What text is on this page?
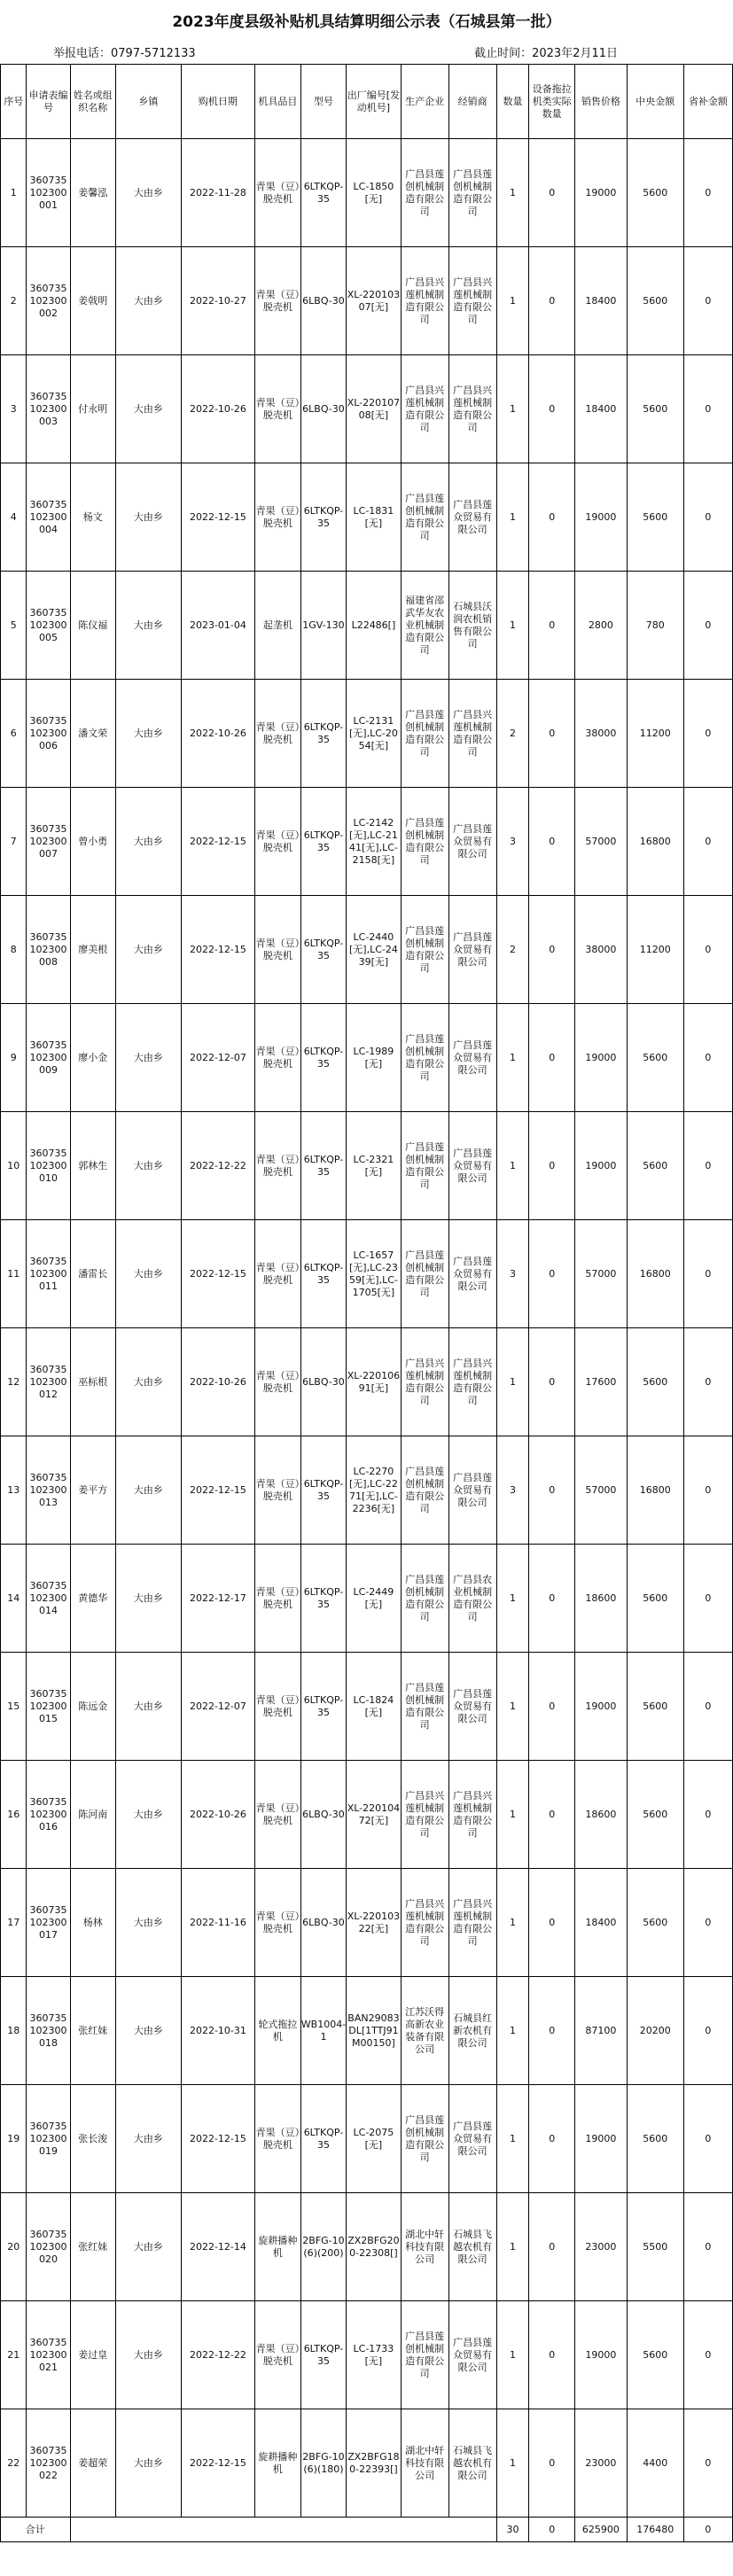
2023年度县级补贴机具结算明细公示表（石城县第一批）
举报电话：0797-5712133	截止时间：2023年2月11日
序号	申请表编号	姓名或组织名称	乡镇	购机日期	机具品目	型号	出厂编号[发动机号]	生产企业	经销商	数量	设备拖拉机类实际数量	销售价格	中央金额	省补金额
1	360735102300001	姜馨泓	大由乡	2022-11-28	青果（豆）脱壳机	6LTKQP-35	LC-1850[无]	广昌县莲创机械制造有限公司	广昌县莲创机械制造有限公司	1	0	19000	5600	0
2	360735102300002	姜戟明	大由乡	2022-10-27	青果（豆）脱壳机	6LBQ-30	XL-22010307[无]	广昌县兴莲机械制造有限公司	广昌县兴莲机械制造有限公司	1	0	18400	5600	0
3	360735102300003	付永明	大由乡	2022-10-26	青果（豆）脱壳机	6LBQ-30	XL-22010708[无]	广昌县兴莲机械制造有限公司	广昌县兴莲机械制造有限公司	1	0	18400	5600	0
4	360735102300004	杨文	大由乡	2022-12-15	青果（豆）脱壳机	6LTKQP-35	LC-1831[无]	广昌县莲创机械制造有限公司	广昌县莲众贸易有限公司	1	0	19000	5600	0
5	360735102300005	陈仪福	大由乡	2023-01-04	起垄机	1GV-130	L22486[]	福建省邵武华友农业机械制造有限公司	石城县沃润农机销售有限公司	1	0	2800	780	0
6	360735102300006	潘文荣	大由乡	2022-10-26	青果（豆）脱壳机	6LTKQP-35	LC-2131[无],LC-2054[无]	广昌县莲创机械制造有限公司	广昌县兴莲机械制造有限公司	2	0	38000	11200	0
7	360735102300007	曾小勇	大由乡	2022-12-15	青果（豆）脱壳机	6LTKQP-35	LC-2142[无],LC-2141[无],LC-2158[无]	广昌县莲创机械制造有限公司	广昌县莲众贸易有限公司	3	0	57000	16800	0
8	360735102300008	廖美根	大由乡	2022-12-15	青果（豆）脱壳机	6LTKQP-35	LC-2440[无],LC-2439[无]	广昌县莲创机械制造有限公司	广昌县莲众贸易有限公司	2	0	38000	11200	0
9	360735102300009	廖小金	大由乡	2022-12-07	青果（豆）脱壳机	6LTKQP-35	LC-1989[无]	广昌县莲创机械制造有限公司	广昌县莲众贸易有限公司	1	0	19000	5600	0
10	360735102300010	郭林生	大由乡	2022-12-22	青果（豆）脱壳机	6LTKQP-35	LC-2321[无]	广昌县莲创机械制造有限公司	广昌县莲众贸易有限公司	1	0	19000	5600	0
11	360735102300011	潘雷长	大由乡	2022-12-15	青果（豆）脱壳机	6LTKQP-35	LC-1657[无],LC-2359[无],LC-1705[无]	广昌县莲创机械制造有限公司	广昌县莲众贸易有限公司	3	0	57000	16800	0
12	360735102300012	巫标根	大由乡	2022-10-26	青果（豆）脱壳机	6LBQ-30	XL-22010691[无]	广昌县兴莲机械制造有限公司	广昌县兴莲机械制造有限公司	1	0	17600	5600	0
13	360735102300013	姜平方	大由乡	2022-12-15	青果（豆）脱壳机	6LTKQP-35	LC-2270[无],LC-2271[无],LC-2236[无]	广昌县莲创机械制造有限公司	广昌县莲众贸易有限公司	3	0	57000	16800	0
14	360735102300014	黄德华	大由乡	2022-12-17	青果（豆）脱壳机	6LTKQP-35	LC-2449[无]	广昌县莲创机械制造有限公司	广昌县农业机械制造有限公司	1	0	18600	5600	0
15	360735102300015	陈远金	大由乡	2022-12-07	青果（豆）脱壳机	6LTKQP-35	LC-1824[无]	广昌县莲创机械制造有限公司	广昌县莲众贸易有限公司	1	0	19000	5600	0
16	360735102300016	陈河南	大由乡	2022-10-26	青果（豆）脱壳机	6LBQ-30	XL-22010472[无]	广昌县兴莲机械制造有限公司	广昌县兴莲机械制造有限公司	1	0	18600	5600	0
17	360735102300017	杨林	大由乡	2022-11-16	青果（豆）脱壳机	6LBQ-30	XL-22010322[无]	广昌县兴莲机械制造有限公司	广昌县兴莲机械制造有限公司	1	0	18400	5600	0
18	360735102300018	张红妹	大由乡	2022-10-31	轮式拖拉机	WB1004-1	BAN29083DL[1TTJ91M00150]	江苏沃得高新农业装备有限公司	石城县红新农机有限公司	1	0	87100	20200	0
19	360735102300019	张长浚	大由乡	2022-12-15	青果（豆）脱壳机	6LTKQP-35	LC-2075[无]	广昌县莲创机械制造有限公司	广昌县莲众贸易有限公司	1	0	19000	5600	0
20	360735102300020	张红妹	大由乡	2022-12-14	旋耕播种机	2BFG-10(6)(200)	ZX2BFG200-22308[]	湖北中轩科技有限公司	石城县飞越农机有限公司	1	0	23000	5500	0
21	360735102300021	姜过皇	大由乡	2022-12-22	青果（豆）脱壳机	6LTKQP-35	LC-1733[无]	广昌县莲创机械制造有限公司	广昌县莲众贸易有限公司	1	0	19000	5600	0
22	360735102300022	姜超荣	大由乡	2022-12-15	旋耕播种机	2BFG-10(6)(180)	ZX2BFG180-22393[]	湖北中轩科技有限公司	石城县飞越农机有限公司	1	0	23000	4400	0
合计										30	0	625900	176480	0
